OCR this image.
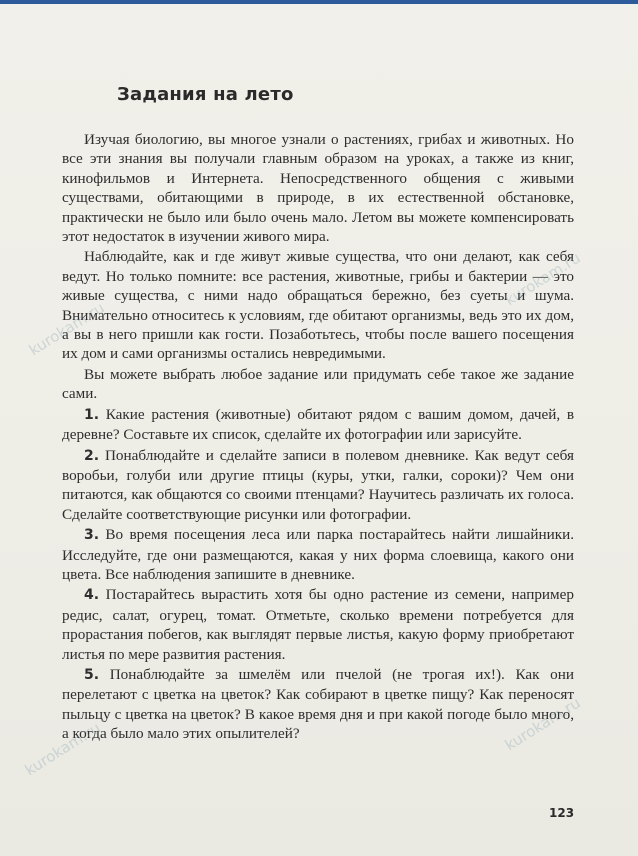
Задания на лето

Изучая биологию, вы многое узнали о растениях, грибах и животных. Но все эти знания вы получали главным образом на уроках, а также из книг, кинофильмов и Интернета. Непосредственного общения с живыми существами, обитающими в природе, в их естественной обстановке, практически не было или было очень мало. Летом вы можете компенсировать этот недостаток в изучении живого мира.

Наблюдайте, как и где живут живые существа, что они делают, как себя ведут. Но только помните: все растения, животные, грибы и бактерии — это живые существа, с ними надо обращаться бережно, без суеты и шума. Внимательно относитесь к условиям, где обитают организмы, ведь это их дом, а вы в него пришли как гости. Позаботьтесь, чтобы после вашего посещения их дом и сами организмы остались невредимыми.

Вы можете выбрать любое задание или придумать себе такое же задание сами.

1. Какие растения (животные) обитают рядом с вашим домом, дачей, в деревне? Составьте их список, сделайте их фотографии или зарисуйте.

2. Понаблюдайте и сделайте записи в полевом дневнике. Как ведут себя воробьи, голуби или другие птицы (куры, утки, галки, сороки)? Чем они питаются, как общаются со своими птенцами? Научитесь различать их голоса. Сделайте соответствующие рисунки или фотографии.

3. Во время посещения леса или парка постарайтесь найти лишайники. Исследуйте, где они размещаются, какая у них форма слоевища, какого они цвета. Все наблюдения запишите в дневнике.

4. Постарайтесь вырастить хотя бы одно растение из семени, например редис, салат, огурец, томат. Отметьте, сколько времени потребуется для прорастания побегов, как выглядят первые листья, какую форму приобретают листья по мере развития растения.

5. Понаблюдайте за шмелём или пчелой (не трогая их!). Как они перелетают с цветка на цветок? Как собирают в цветке пищу? Как переносят пыльцу с цветка на цветок? В какое время дня и при какой погоде было много, а когда было мало этих опылителей?

123
kurokam.ru
kurokam.ru
kurokam.ru
kurokam.ru
